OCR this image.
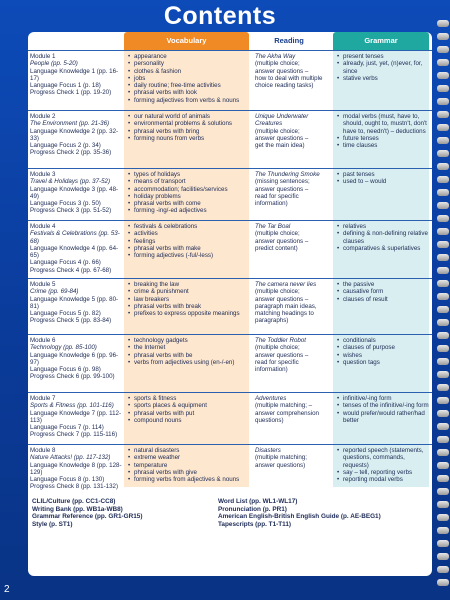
Contents
Vocabulary	Reading	Grammar
Module 1
People (pp. 5-20)
Language Knowledge 1 (pp. 16-17)
Language Focus 1 (p. 18)
Progress Check 1 (pp. 19-20)
• appearance
• personality
• clothes & fashion
• jobs
• daily routine; free-time activities
• phrasal verbs with look
• forming adjectives from verbs & nouns
The Akha Way
(multiple choice;
answer questions –
how to deal with multiple
choice reading tasks)
• present tenses
• already, just, yet, (n)ever, for, since
• stative verbs
Module 2
The Environment (pp. 21-36)
Language Knowledge 2 (pp. 32-33)
Language Focus 2 (p. 34)
Progress Check 2 (pp. 35-36)
• our natural world of animals
• environmental problems & solutions
• phrasal verbs with bring
• forming nouns from verbs
Unique Underwater Creatures
(multiple choice;
answer questions –
get the main idea)
• modal verbs (must, have to, should, ought to, mustn't, don't have to, needn't) – deductions
• future tenses
• time clauses
Module 3
Travel & Holidays (pp. 37-52)
Language Knowledge 3 (pp. 48-49)
Language Focus 3 (p. 50)
Progress Check 3 (pp. 51-52)
• types of holidays
• means of transport
• accommodation; facilities/services
• holiday problems
• phrasal verbs with come
• forming -ing/-ed adjectives
The Thundering Smoke
(missing sentences;
answer questions –
read for specific
information)
• past tenses
• used to – would
Module 4
Festivals & Celebrations (pp. 53-68)
Language Knowledge 4 (pp. 64-65)
Language Focus 4 (p. 66)
Progress Check 4 (pp. 67-68)
• festivals & celebrations
• activities
• feelings
• phrasal verbs with make
• forming adjectives (-ful/-less)
The Tar Boal
(multiple choice;
answer questions –
predict content)
• relatives
• defining & non-defining relative clauses
• comparatives & superlatives
Module 5
Crime (pp. 69-84)
Language Knowledge 5 (pp. 80-81)
Language Focus 5 (p. 82)
Progress Check 5 (pp. 83-84)
• breaking the law
• crime & punishment
• law breakers
• phrasal verbs with break
• prefixes to express opposite meanings
The camera never lies
(multiple choice;
answer questions –
paragraph main ideas,
matching headings to
paragraphs)
• the passive
• causative form
• clauses of result
Module 6
Technology (pp. 85-100)
Language Knowledge 6 (pp. 96-97)
Language Focus 6 (p. 98)
Progress Check 6 (pp. 99-100)
• technology gadgets
• the Internet
• phrasal verbs with be
• verbs from adjectives using (en-/-en)
The Toddler Robot
(multiple choice;
answer questions –
read for specific
information)
• conditionals
• clauses of purpose
• wishes
• question tags
Module 7
Sports & Fitness (pp. 101-116)
Language Knowledge 7 (pp. 112-113)
Language Focus 7 (p. 114)
Progress Check 7 (pp. 115-116)
• sports & fitness
• sports places & equipment
• phrasal verbs with put
• compound nouns
Adventures
(multiple matching; –
answer comprehension
questions)
• infinitive/-ing form
• tenses of the infinitive/-ing form
• would prefer/would rather/had better
Module 8
Nature Attacks! (pp. 117-132)
Language Knowledge 8 (pp. 128-129)
Language Focus 8 (p. 130)
Progress Check 8 (pp. 131-132)
• natural disasters
• extreme weather
• temperature
• phrasal verbs with give
• forming verbs from adjectives & nouns
Disasters
(multiple matching;
answer questions)
• reported speech (statements, questions, commands, requests)
• say – tell, reporting verbs
• reporting modal verbs
CLIL/Culture (pp. CC1-CC8)
Writing Bank (pp. WB1a-WB8)
Grammar Reference (pp. GR1-GR15)
Style (p. ST1)
Word List (pp. WL1-WL17)
Pronunciation (p. PR1)
American English-British English Guide (p. AE-BEG1)
Tapescripts (pp. T1-T11)
2
